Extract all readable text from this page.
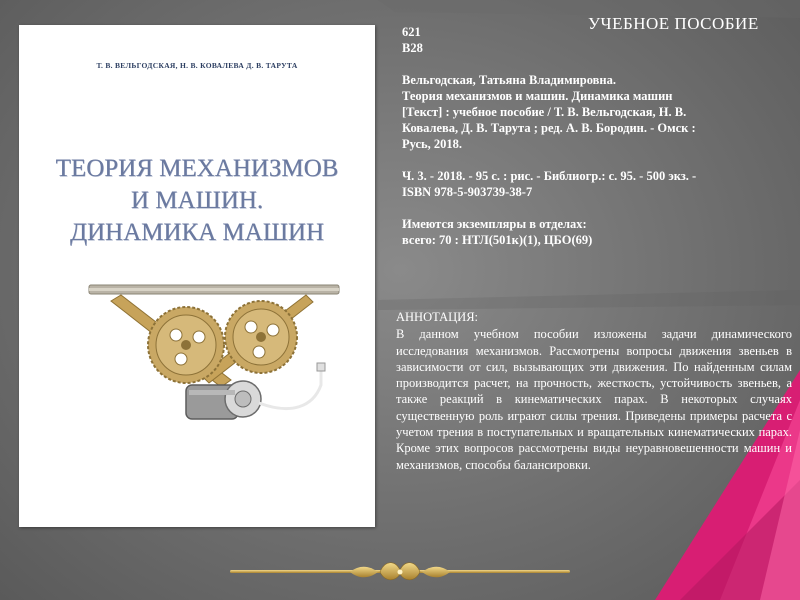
Т. В. ВЕЛЬГОДСКАЯ, Н. В. КОВАЛЕВА Д. В. ТАРУТА
ТЕОРИЯ МЕХАНИЗМОВ
И МАШИН.
ДИНАМИКА МАШИН
УЧЕБНОЕ ПОСОБИЕ

621

В28

Вельгодская, Татьяна Владимировна.

Теория механизмов и машин. Динамика машин

[Текст] : учебное пособие / Т. В. Вельгодская, Н. В.

Ковалева, Д. В. Тарута ; ред. А. В. Бородин. - Омск :

Русь, 2018.

Ч. 3. - 2018. - 95 с. : рис. - Библиогр.: с. 95. - 500 экз. -

ISBN 978-5-903739-38-7

Имеются экземпляры в отделах:

всего: 70 : НТЛ(501к)(1), ЦБО(69)

АННОТАЦИЯ:

В данном учебном пособии изложены задачи динамического исследования механизмов. Рассмотрены вопросы движения звеньев в зависимости от сил, вызывающих эти движения. По найденным силам производится расчет, на прочность, жесткость, устойчивость звеньев, а также реакций в кинематических парах. В некоторых случаях существенную роль играют силы трения. Приведены примеры расчета с учетом трения в поступательных и вращательных кинематических парах. Кроме этих вопросов рассмотрены виды неуравновешенности машин и механизмов, способы балансировки.
